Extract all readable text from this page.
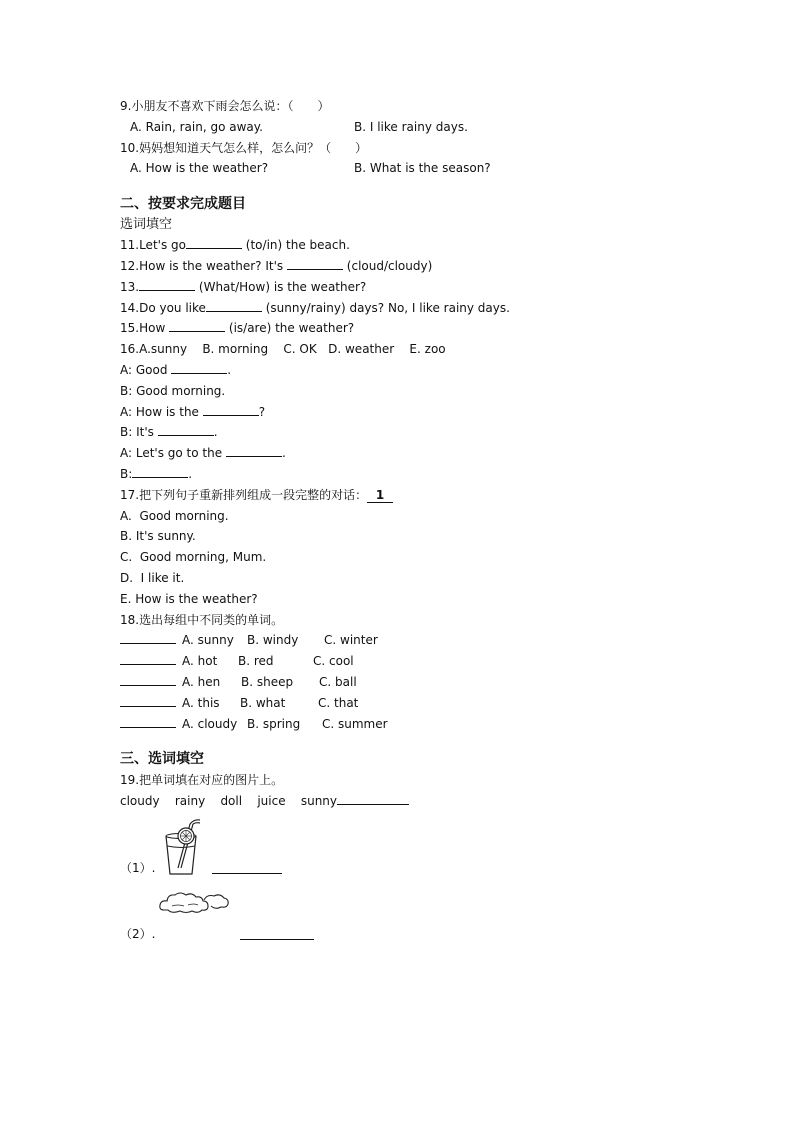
9.小朋友不喜欢下雨会怎么说：（　　）
A. Rain, rain, go away.	B. I like rainy days.
10.妈妈想知道天气怎么样，怎么问？（　　）
A. How is the weather?	B. What is the season?
二、按要求完成题目
选词填空
11.Let's go	(to/in) the beach.
12.How is the weather? It's	(cloud/cloudy)
13.	(What/How) is the weather?
14.Do you like	(sunny/rainy) days? No, I like rainy days.
15.How	(is/are) the weather?
16.A.sunny    B. morning    C. OK   D. weather    E. zoo
A: Good	.
B: Good morning.
A: How is the	?
B: It's	.
A: Let's go to the	.
B:	.
17.把下列句子重新排列组成一段完整的对话： 1
A.  Good morning.
B. It's sunny.
C.  Good morning, Mum.
D.  I like it.
E. How is the weather?
18.选出每组中不同类的单词。
A. sunny	B. windy	C. winter
A. hot	B. red	C. cool
A. hen	B. sheep	C. ball
A. this	B. what	C. that
A. cloudy B. spring	C. summer
三、选词填空
19.把单词填在对应的图片上。
cloudy    rainy    doll    juice    sunny
（1）.
（2）.
